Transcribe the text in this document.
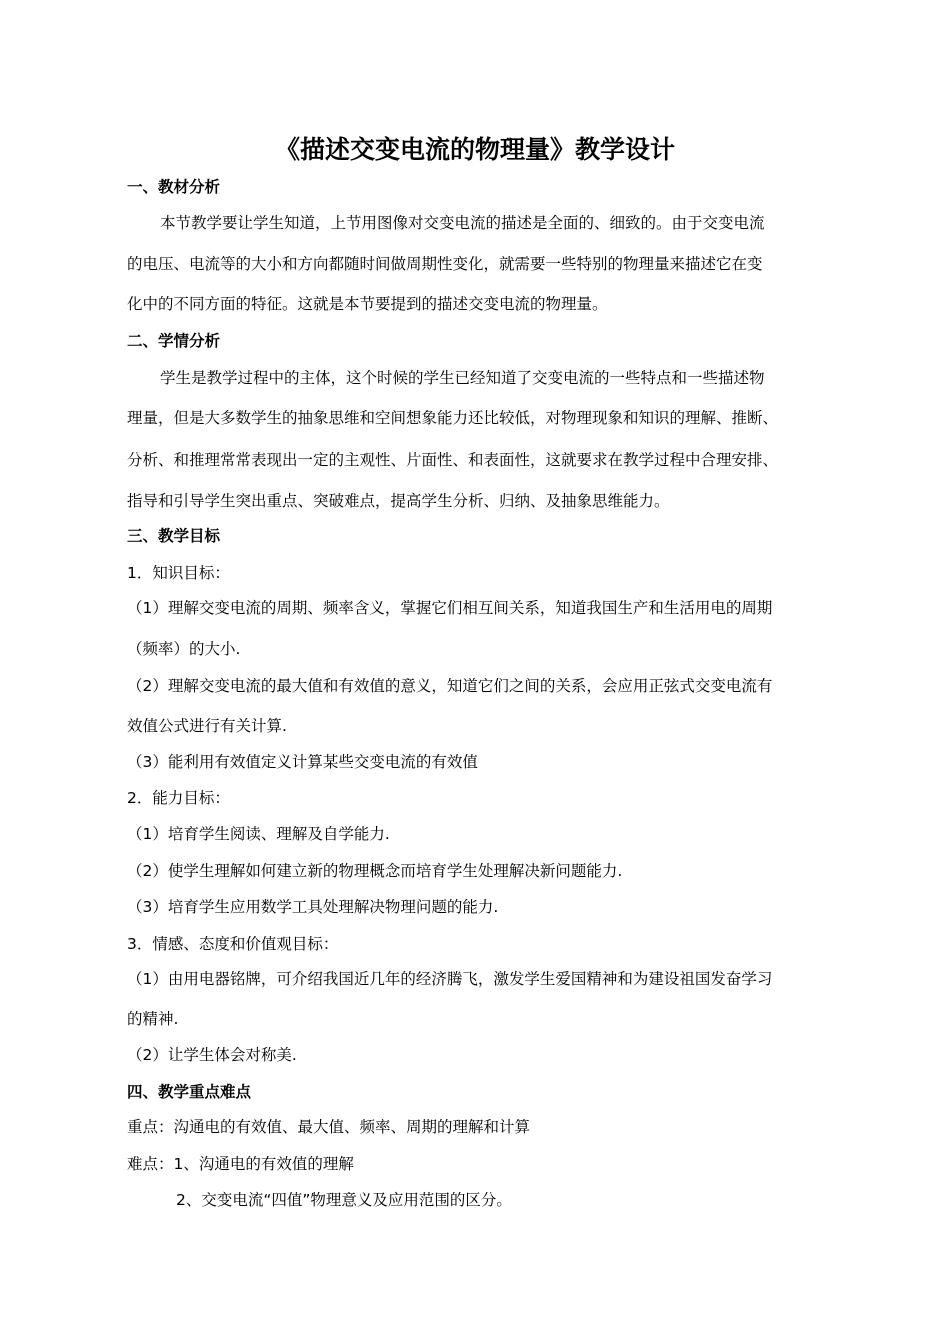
《描述交变电流的物理量》教学设计
一、教材分析
本节教学要让学生知道，上节用图像对交变电流的描述是全面的、细致的。由于交变电流
的电压、电流等的大小和方向都随时间做周期性变化，就需要一些特别的物理量来描述它在变
化中的不同方面的特征。这就是本节要提到的描述交变电流的物理量。
二、学情分析
学生是教学过程中的主体，这个时候的学生已经知道了交变电流的一些特点和一些描述物
理量，但是大多数学生的抽象思维和空间想象能力还比较低，对物理现象和知识的理解、推断、
分析、和推理常常表现出一定的主观性、片面性、和表面性，这就要求在教学过程中合理安排、
指导和引导学生突出重点、突破难点，提高学生分析、归纳、及抽象思维能力。
三、教学目标
1．知识目标：
（1）理解交变电流的周期、频率含义，掌握它们相互间关系，知道我国生产和生活用电的周期
（频率）的大小.
（2）理解交变电流的最大值和有效值的意义，知道它们之间的关系，会应用正弦式交变电流有
效值公式进行有关计算.
（3）能利用有效值定义计算某些交变电流的有效值
2．能力目标：
（1）培育学生阅读、理解及自学能力.
（2）使学生理解如何建立新的物理概念而培育学生处理解决新问题能力.
（3）培育学生应用数学工具处理解决物理问题的能力.
3．情感、态度和价值观目标：
（1）由用电器铭牌，可介绍我国近几年的经济腾飞，激发学生爱国精神和为建设祖国发奋学习
的精神.
（2）让学生体会对称美.
四、教学重点难点
重点：沟通电的有效值、最大值、频率、周期的理解和计算
难点：1、沟通电的有效值的理解
2、交变电流“四值”物理意义及应用范围的区分。
